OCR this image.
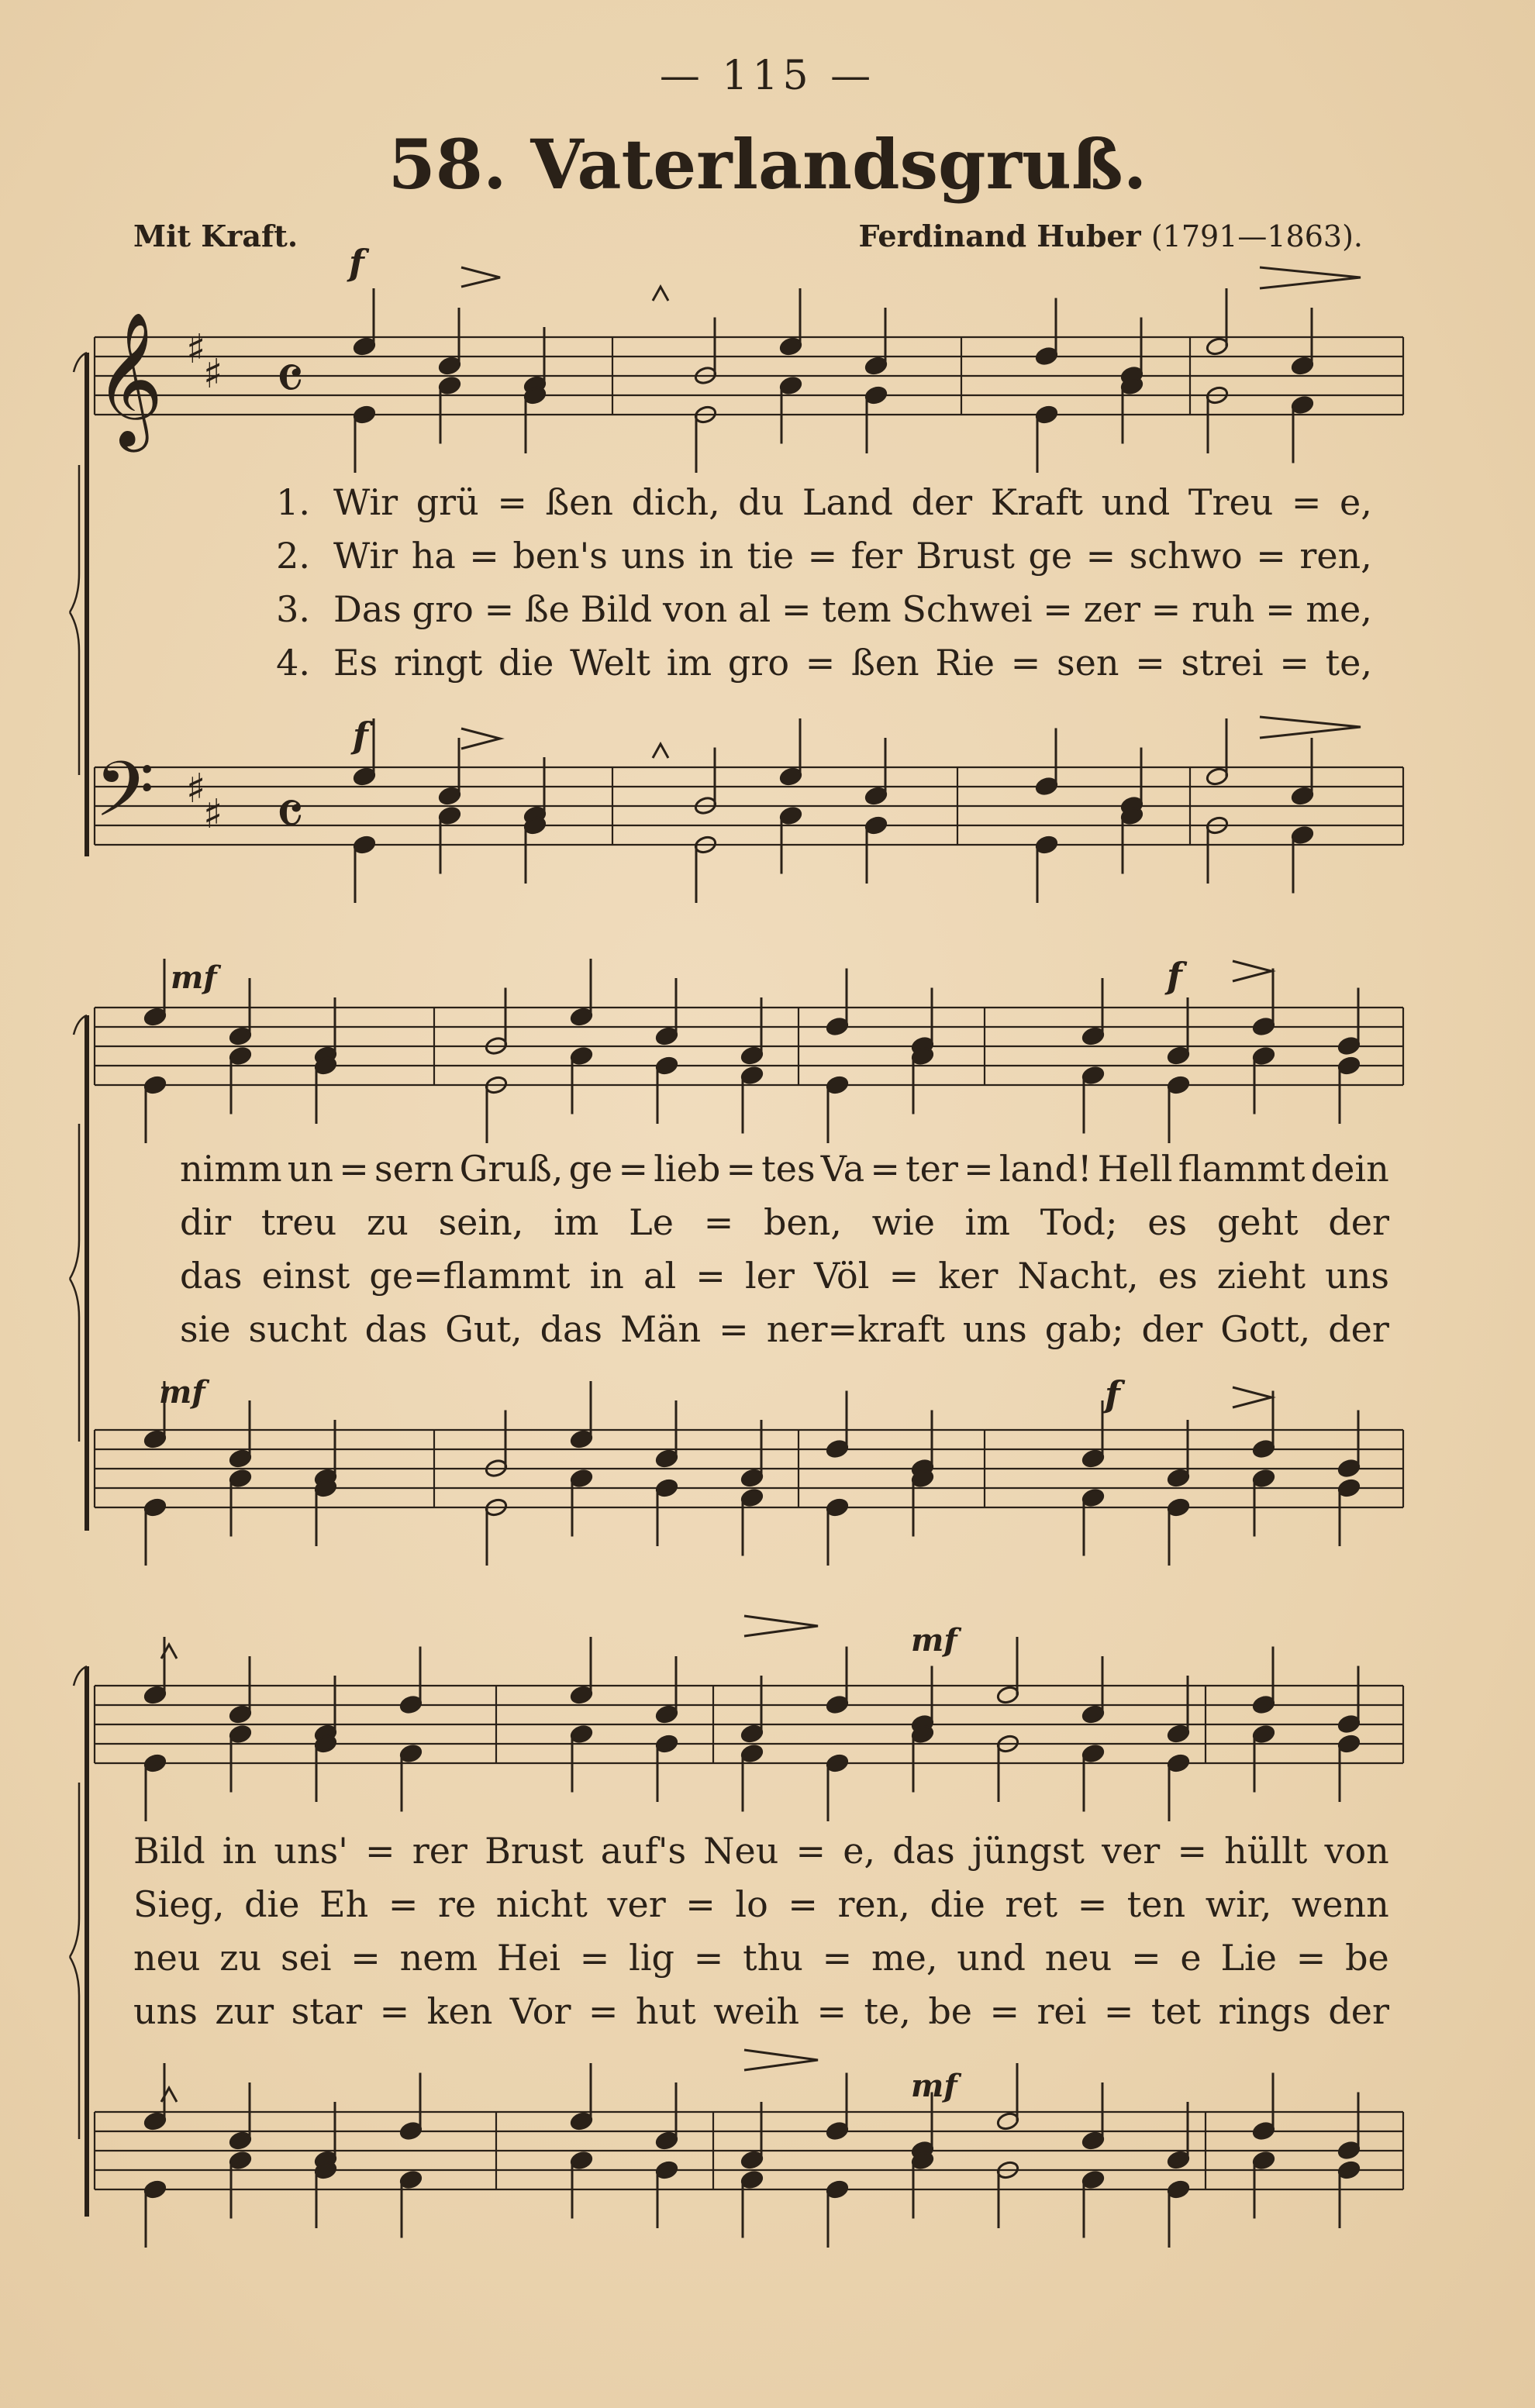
— 115 —
58. Vaterlandsgruß.
Mit Kraft.	Ferdinand Huber (1791—1863).
𝄞 ♯
♯ 𝄴
𝄢 ♯
♯ 𝄴
f
f
mf	f
mf	f
mf
mf
1. Wir grü = ßen dich, du Land der Kraft und Treu = e,
2. Wir ha = ben's uns in tie = fer Brust ge = schwo = ren,
3. Das gro = ße Bild von al = tem Schwei = zer = ruh = me,
4. Es ringt die Welt im gro = ßen Rie = sen = strei = te,
nimm un = sern Gruß, ge = lieb = tes Va = ter = land! Hell flammt dein
dir treu zu sein, im Le = ben, wie im Tod; es geht der
das einst ge=flammt in al = ler Völ = ker Nacht, es zieht uns
sie sucht das Gut, das Män = ner=kraft uns gab; der Gott, der
Bild in uns' = rer Brust auf's Neu = e, das jüngst ver = hüllt von
Sieg, die Eh = re nicht ver = lo = ren, die ret = ten wir, wenn
neu zu sei = nem Hei = lig = thu = me, und neu = e Lie = be
uns zur star = ken Vor = hut weih = te, be = rei = tet rings der
